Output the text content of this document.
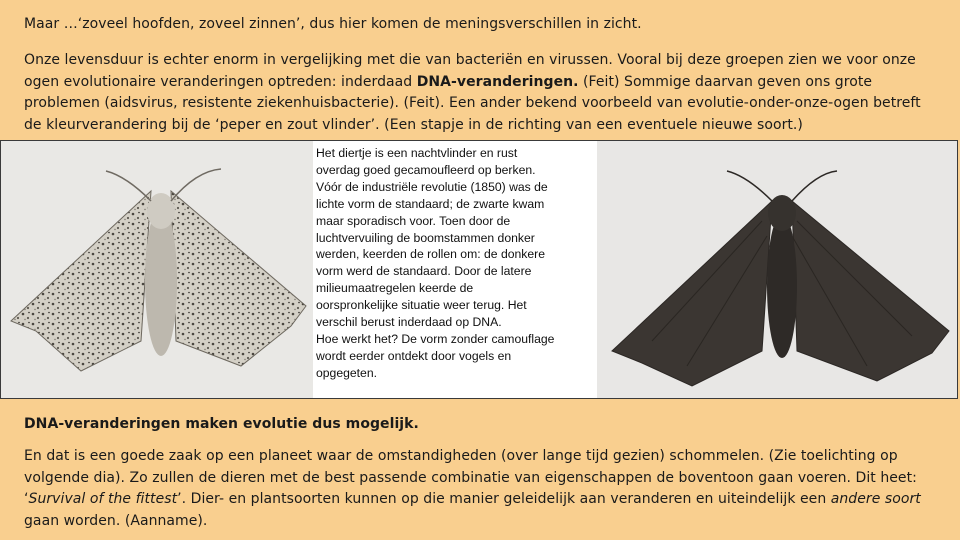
Maar …‘zoveel hoofden, zoveel zinnen’, dus hier komen de meningsverschillen in zicht.

Onze levensduur is echter enorm in vergelijking met die van bacteriën en virussen. Vooral bij deze groepen zien we voor onze ogen evolutionaire veranderingen optreden: inderdaad DNA-veranderingen. (Feit) Sommige daarvan geven ons grote problemen (aidsvirus, resistente ziekenhuisbacterie). (Feit). Een ander bekend voorbeeld van evolutie-onder-onze-ogen betreft de kleurverandering bij de ‘peper en zout vlinder’. (Een stapje in de richting van een eventuele nieuwe soort.)

Het diertje is een nachtvlinder en rust
overdag goed gecamoufleerd op berken.
Vóór de industriële revolutie (1850) was de
lichte vorm de standaard; de zwarte kwam
maar sporadisch voor. Toen door de
luchtvervuiling de boomstammen donker
werden, keerden de rollen om: de donkere
vorm werd de standaard. Door de latere
milieumaatregelen keerde de
oorspronkelijke situatie weer terug. Het
verschil berust inderdaad op DNA.
Hoe werkt het? De vorm zonder camouflage
wordt eerder ontdekt door vogels en
opgegeten.

DNA-veranderingen maken evolutie dus mogelijk.

En dat is een goede zaak op een planeet waar de omstandigheden (over lange tijd gezien) schommelen. (Zie toelichting op volgende dia). Zo zullen de dieren met de best passende combinatie van eigenschappen de boventoon gaan voeren. Dit heet: ‘Survival of the fittest’. Dier- en plantsoorten kunnen op die manier geleidelijk aan veranderen en uiteindelijk een andere soort gaan worden. (Aanname).
